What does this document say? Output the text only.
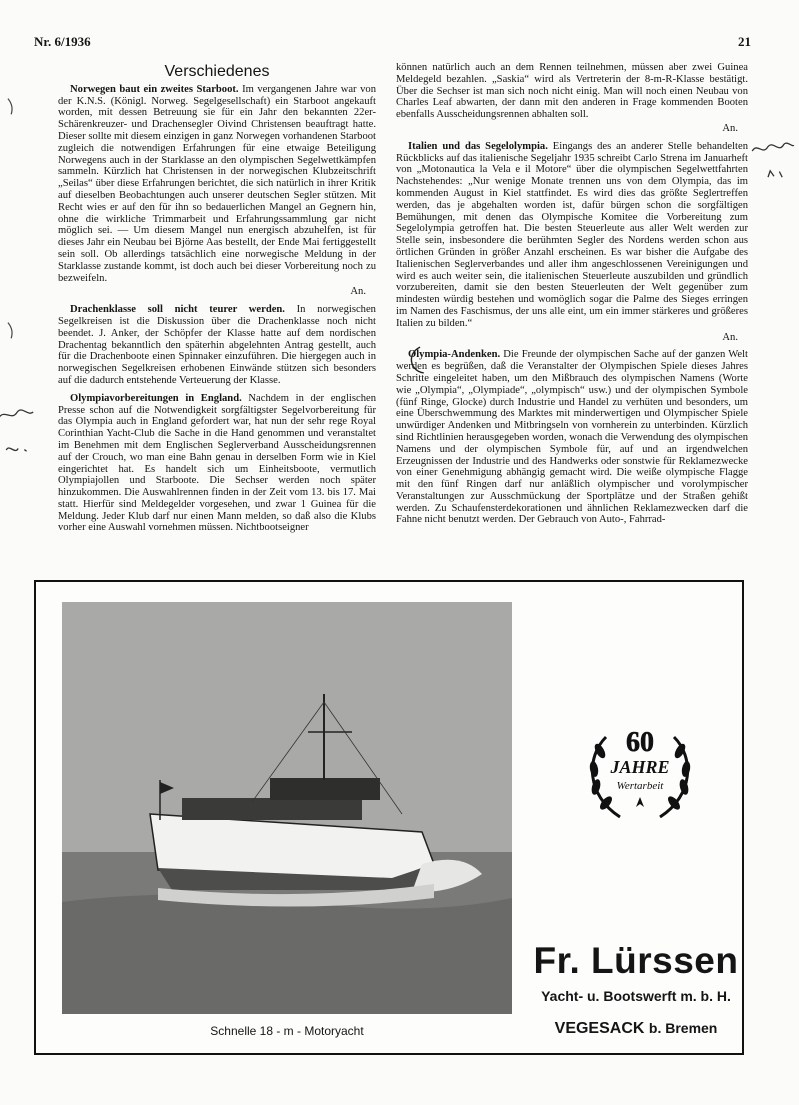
Nr. 6/1936	21
Verschiedenes

Norwegen baut ein zweites Starboot. Im vergangenen Jahre war von der K.N.S. (Königl. Norweg. Segelgesellschaft) ein Starboot angekauft worden, mit dessen Betreuung sie für ein Jahr den bekannten 22er-Schärenkreuzer- und Drachensegler Oivind Christensen beauftragt hatte. Dieser sollte mit diesem einzigen in ganz Norwegen vorhandenen Starboot zugleich die notwendigen Erfahrungen für eine etwaige Beteiligung Norwegens auch in der Starklasse an den olympischen Segelwettkämpfen sammeln. Kürzlich hat Christensen in der norwegischen Klubzeitschrift „Seilas“ über diese Erfahrungen berichtet, die sich natürlich in ihrer Kritik auf dieselben Beobachtungen auch unserer deutschen Segler stützen. Mit Recht wies er auf den für ihn so bedauerlichen Mangel an Gegnern hin, ohne die wirkliche Trimmarbeit und Erfahrungssammlung gar nicht möglich sei. — Um diesem Mangel nun energisch abzuhelfen, ist für dieses Jahr ein Neubau bei Björne Aas bestellt, der Ende Mai fertiggestellt sein soll. Ob allerdings tatsächlich eine norwegische Meldung in der Starklasse zustande kommt, ist doch auch bei dieser Vorbereitung noch zu bezweifeln.

An.

Drachenklasse soll nicht teurer werden. In norwegischen Segelkreisen ist die Diskussion über die Drachenklasse noch nicht beendet. J. Anker, der Schöpfer der Klasse hatte auf dem nordischen Drachentag bekanntlich den späterhin abgelehnten Antrag gestellt, auch für die Drachenboote einen Spinnaker einzuführen. Die hiergegen auch in norwegischen Segelkreisen erhobenen Einwände stützen sich besonders auf die dadurch entstehende Verteuerung der Klasse.

Olympiavorbereitungen in England. Nachdem in der englischen Presse schon auf die Notwendigkeit sorgfältigster Segelvorbereitung für das Olympia auch in England gefordert war, hat nun der sehr rege Royal Corinthian Yacht-Club die Sache in die Hand genommen und veranstaltet im Benehmen mit dem Englischen Seglerverband Ausscheidungsrennen auf der Crouch, wo man eine Bahn genau in derselben Form wie in Kiel eingerichtet hat. Es handelt sich um Einheitsboote, vermutlich Olympiajollen und Starboote. Die Sechser werden noch später hinzukommen. Die Auswahlrennen finden in der Zeit vom 13. bis 17. Mai statt. Hierfür sind Meldegelder vorgesehen, und zwar 1 Guinea für die Meldung. Jeder Klub darf nur einen Mann melden, so daß also die Klubs vorher eine Auswahl vornehmen müssen. Nichtbootseigner

können natürlich auch an dem Rennen teilnehmen, müssen aber zwei Guinea Meldegeld bezahlen. „Saskia“ wird als Vertreterin der 8-m-R-Klasse bestätigt. Über die Sechser ist man sich noch nicht einig. Man will noch einen Neubau von Charles Leaf abwarten, der dann mit den anderen in Frage kommenden Booten ebenfalls Ausscheidungsrennen abhalten soll.

An.

Italien und das Segelolympia. Eingangs des an anderer Stelle behandelten Rückblicks auf das italienische Segeljahr 1935 schreibt Carlo Strena im Januarheft von „Motonautica la Vela e il Motore“ über die olympischen Segelwettfahrten Nachstehendes: „Nur wenige Monate trennen uns von dem Olympia, das im kommenden August in Kiel stattfindet. Es wird dies das größte Seglertreffen werden, das je abgehalten worden ist, dafür bürgen schon die sorgfältigen Bemühungen, mit denen das Olympische Komitee die Vorbereitung zum Segelolympia getroffen hat. Die besten Steuerleute aus aller Welt werden zur Stelle sein, insbesondere die berühmten Segler des Nordens werden schon aus örtlichen Gründen in größer Anzahl erscheinen. Es war bisher die Aufgabe des Italienischen Seglerverbandes und aller ihm angeschlossenen Vereinigungen und wird es auch weiter sein, die italienischen Steuerleute auszubilden und gründlich vorzubereiten, damit sie den besten Steuerleuten der Welt gegenüber zum mindesten würdig bestehen und womöglich sogar die Palme des Sieges erringen im Namen des Faschismus, der uns alle eint, um ein immer stärkeres und größeres Italien zu bilden.“

An.

Olympia-Andenken. Die Freunde der olympischen Sache auf der ganzen Welt werden es begrüßen, daß die Veranstalter der Olympischen Spiele dieses Jahres Schritte eingeleitet haben, um den Mißbrauch des olympischen Namens (Worte wie „Olympia“, „Olympiade“, „olympisch“ usw.) und der olympischen Symbole (fünf Ringe, Glocke) durch Industrie und Handel zu verhüten und besonders, um eine Überschwemmung des Marktes mit minderwertigen und Olympischer Spiele unwürdiger Andenken und Mitbringseln von vornherein zu unterbinden. Kürzlich sind Richtlinien herausgegeben worden, wonach die Verwendung des olympischen Namens und der olympischen Symbole für, auf und an irgendwelchen Erzeugnissen der Industrie und des Handwerks oder sonstwie für Reklamezwecke von einer Genehmigung abhängig gemacht wird. Die weiße olympische Flagge mit den fünf Ringen darf nur anläßlich olympischer und vorolympischer Veranstaltungen zur Ausschmückung der Sportplätze und der Straßen gehißt werden. Zu Schaufensterdekorationen und ähnlichen Reklamezwecken darf die Fahne nicht benutzt werden. Der Gebrauch von Auto-, Fahrrad-

Schnelle 18 - m - Motoryacht
60
JAHRE
Wertarbeit
Fr. Lürssen
Yacht- u. Bootswerft m. b. H.
VEGESACK b. Bremen
